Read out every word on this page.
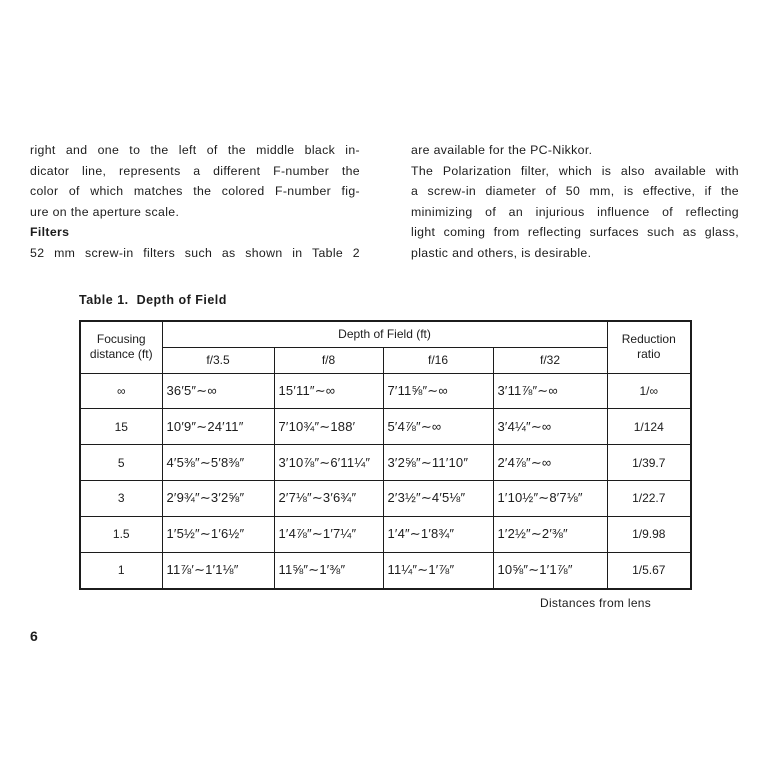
right and one to the left of the middle black in-

dicator line, represents a different F-number the

color of which matches the colored F-number fig-

ure on the aperture scale.

Filters

52 mm screw-in filters such as shown in Table 2

are available for the PC-Nikkor.

The Polarization filter, which is also available with

a screw-in diameter of 50 mm, is effective, if the

minimizing of an injurious influence of reflecting

light coming from reflecting surfaces such as glass,

plastic and others, is desirable.

Table 1.  Depth of Field
Focusing distance (ft)	Depth of Field (ft)				Reduction ratio
	f/3.5	f/8	f/16	f/32	
∞	36′5″∼∞	15′11″∼∞	7′11⅝″∼∞	3′11⅞″∼∞	1/∞
15	10′9″∼24′11″	7′10¾″∼188′	5′4⅞″∼∞	3′4¼″∼∞	1/124
5	4′5⅜″∼5′8⅜″	3′10⅞″∼6′11¼″	3′2⅝″∼11′10″	2′4⅞″∼∞	1/39.7
3	2′9¾″∼3′2⅝″	2′7⅛″∼3′6¾″	2′3½″∼4′5⅛″	1′10½″∼8′7⅛″	1/22.7
1.5	1′5½″∼1′6½″	1′4⅞″∼1′7¼″	1′4″∼1′8¾″	1′2½″∼2′⅜″	1/9.98
1	11⅞′∼1′1⅛″	11⅝″∼1′⅜″	11¼″∼1′⅞″	10⅝″∼1′1⅞″	1/5.67
Distances from lens
6
